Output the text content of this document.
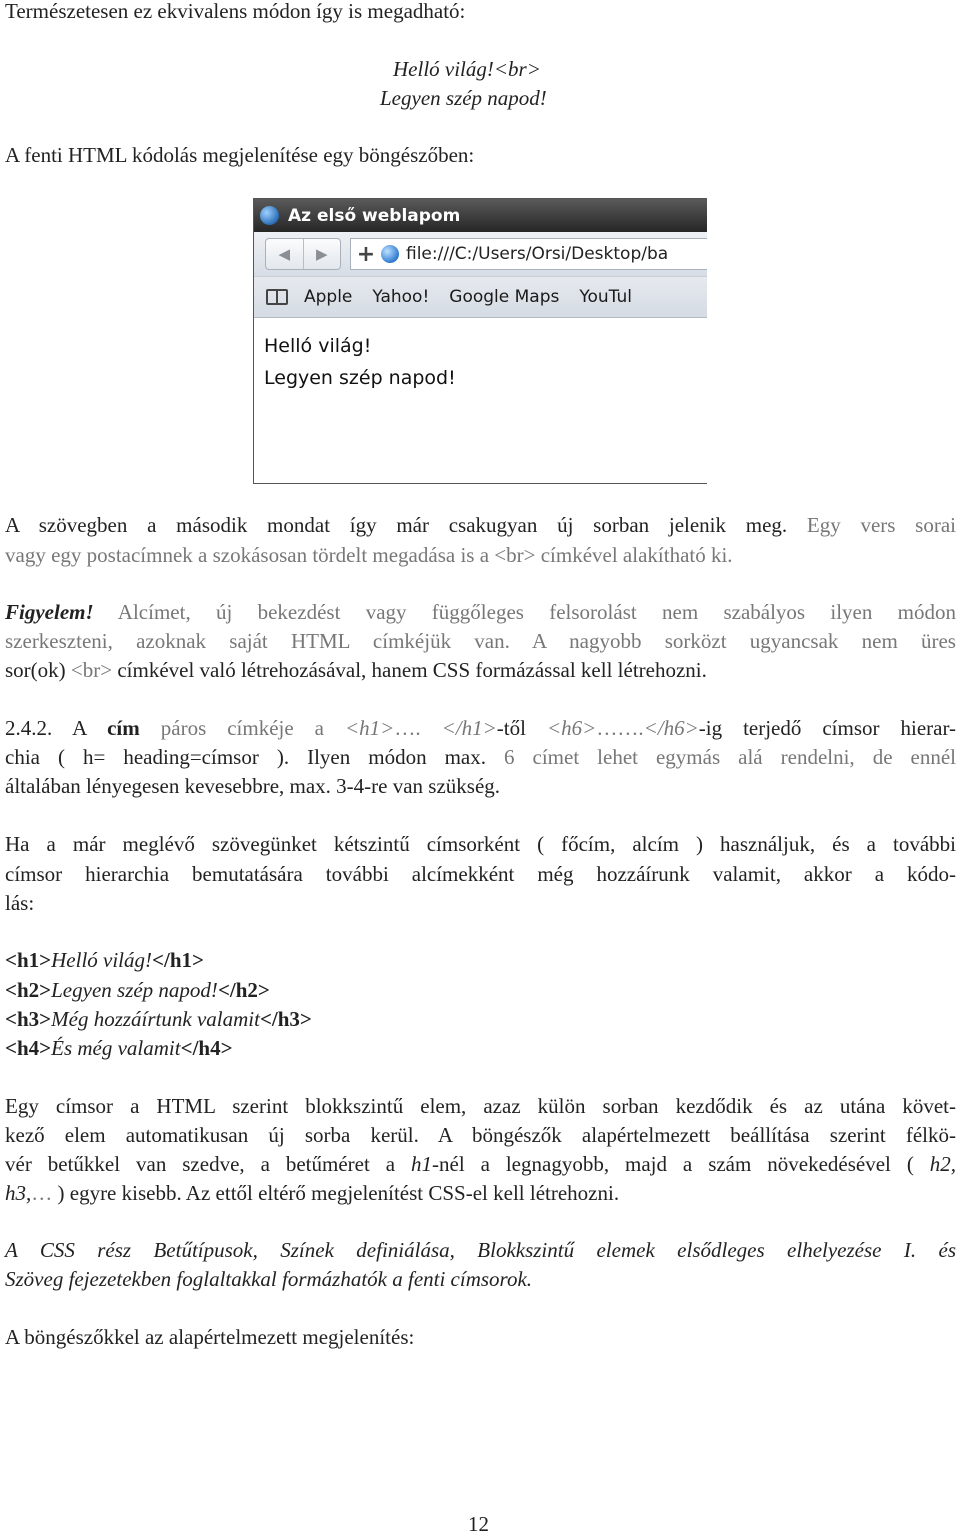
Természetesen ez ekvivalens módon így is megadható:
Helló világ!<br>
Legyen szép napod!
A fenti HTML kódolás megjelenítése egy böngészőben:
Az első weblapom
◀	▶	+	file:///C:/Users/Orsi/Desktop/ba
Apple Yahoo! Google Maps YouTul
Helló világ!
Legyen szép napod!
A szövegben a második mondat így már csakugyan új sorban jelenik meg. Egy vers sorai
vagy egy postacímnek a szokásosan tördelt megadása is a <br> címkével alakítható ki.
Figyelem! Alcímet, új bekezdést vagy függőleges felsorolást nem szabályos ilyen módon
szerkeszteni, azoknak saját HTML címkéjük van. A nagyobb sorközt ugyancsak nem üres
sor(ok) <br> címkével való létrehozásával, hanem CSS formázással kell létrehozni.
2.4.2. A cím páros címkéje a <h1>…. </h1>-től <h6>…….</h6>-ig terjedő címsor hierar-
chia ( h= heading=címsor ). Ilyen módon max. 6 címet lehet egymás alá rendelni, de ennél
általában lényegesen kevesebbre, max. 3-4-re van szükség.
Ha a már meglévő szövegünket kétszintű címsorként ( főcím, alcím ) használjuk, és a további
címsor hierarchia bemutatására további alcímekként még hozzáírunk valamit, akkor a kódo-
lás:
<h1>Helló világ!</h1>
<h2>Legyen szép napod!</h2>
<h3>Még hozzáírtunk valamit</h3>
<h4>És még valamit</h4>
Egy címsor a HTML szerint blokkszintű elem, azaz külön sorban kezdődik és az utána követ-
kező elem automatikusan új sorba kerül. A böngészők alapértelmezett beállítása szerint félkö-
vér betűkkel van szedve, a betűméret a h1-nél a legnagyobb, majd a szám növekedésével ( h2,
h3,… ) egyre kisebb. Az ettől eltérő megjelenítést CSS-el kell létrehozni.
A CSS rész Betűtípusok, Színek definiálása, Blokkszintű elemek elsődleges elhelyezése I. és
Szöveg fejezetekben foglaltakkal formázhatók a fenti címsorok.
A böngészőkkel az alapértelmezett megjelenítés:
12
